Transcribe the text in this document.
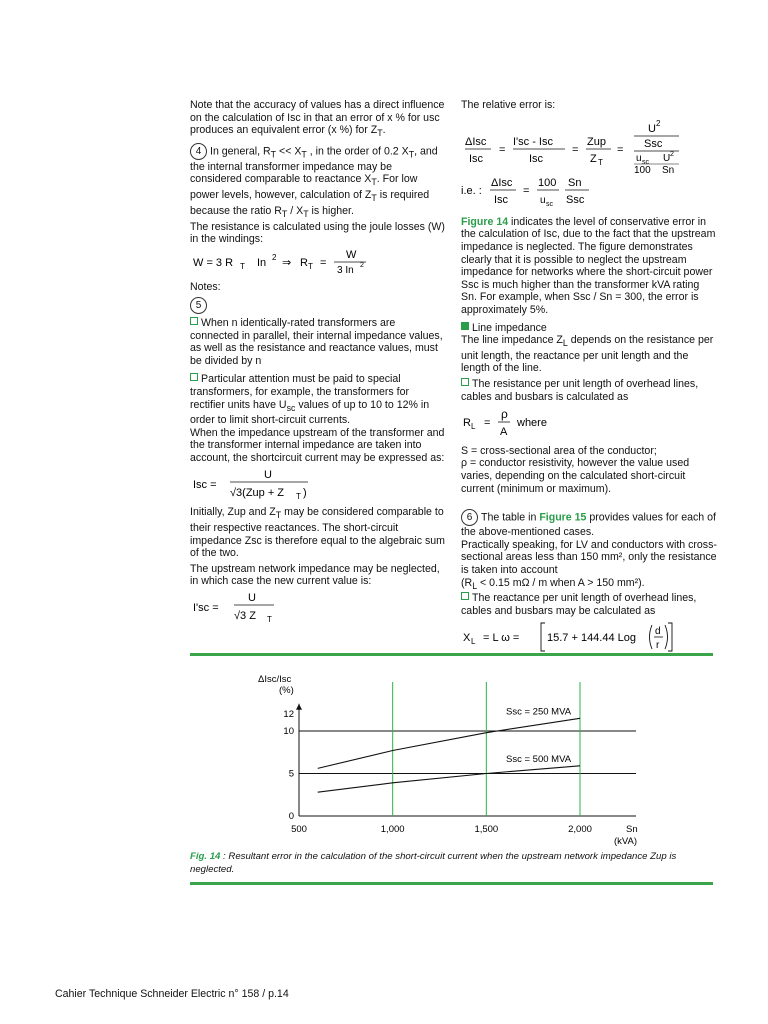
Note that the accuracy of values has a direct influence on the calculation of Isc in that an error of x % for usc produces an equivalent error (x %) for $Z_T$.

4 In general, $R_T << X_T$ , in the order of 0.2 $X_T$, and the internal transformer impedance may be considered comparable to reactance $X_T$. For low power levels, however, calculation of $Z_T$ is required because the ratio $R_T / X_T$ is higher.

The resistance is calculated using the joule losses (W) in the windings:

W = 3 R T In 2 ⇒ R T =
W
3 In 2

Notes:

5

When n identically-rated transformers are connected in parallel, their internal impedance values, as well as the resistance and reactance values, must be divided by n

Particular attention must be paid to special transformers, for example, the transformers for rectifier units have $U_{sc}$ values of up to 10 to 12% in order to limit short-circuit currents.

When the impedance upstream of the transformer and the transformer internal impedance are taken into account, the shortcircuit current may be expressed as:

Isc =
U
√3(Zup + Z T )

Initially, Zup and $Z_T$ may be considered comparable to their respective reactances. The short-circuit impedance Zsc is therefore equal to the algebraic sum of the two.

The upstream network impedance may be neglected, in which case the new current value is:

I'sc =
U
√3 Z T

The relative error is:

ΔIsc
Isc
=
I'sc - Isc
Isc
=
Zup
Z T
=
U 2
Ssc
u sc U 2
100 Sn
i.e. :
ΔIsc
Isc
=
100
u sc
Sn
Ssc

Figure 14 indicates the level of conservative error in the calculation of Isc, due to the fact that the upstream impedance is neglected. The figure demonstrates clearly that it is possible to neglect the upstream impedance for networks where the short-circuit power Ssc is much higher than the transformer kVA rating Sn. For example, when Ssc / Sn = 300, the error is approximately 5%.

Line impedance

The line impedance $Z_L$ depends on the resistance per unit length, the reactance per unit length and the length of the line.

The resistance per unit length of overhead lines, cables and busbars is calculated as

R L =
ρ
A
where

S = cross-sectional area of the conductor;

ρ = conductor resistivity, however the value used varies, depending on the calculated short-circuit current (minimum or maximum).

6 The table in Figure 15 provides values for each of the above-mentioned cases.

Practically speaking, for LV and conductors with cross-sectional areas less than 150 mm², only the resistance is taken into account

($R_L < 0.15$ mΩ / m when A > 150 mm²).

The reactance per unit length of overhead lines, cables and busbars may be calculated as

X L = L ω =	15.7 + 144.44 Log
d
r
ΔIsc/Isc
(%)
Sn
(kVA)
Ssc = 250 MVA
Ssc = 500 MVA
0
5
10
12
500	1,000	1,500	2,000
Fig. 14 : Resultant error in the calculation of the short-circuit current when the upstream network impedance Zup is neglected.
Cahier Technique Schneider Electric n° 158 / p.14
